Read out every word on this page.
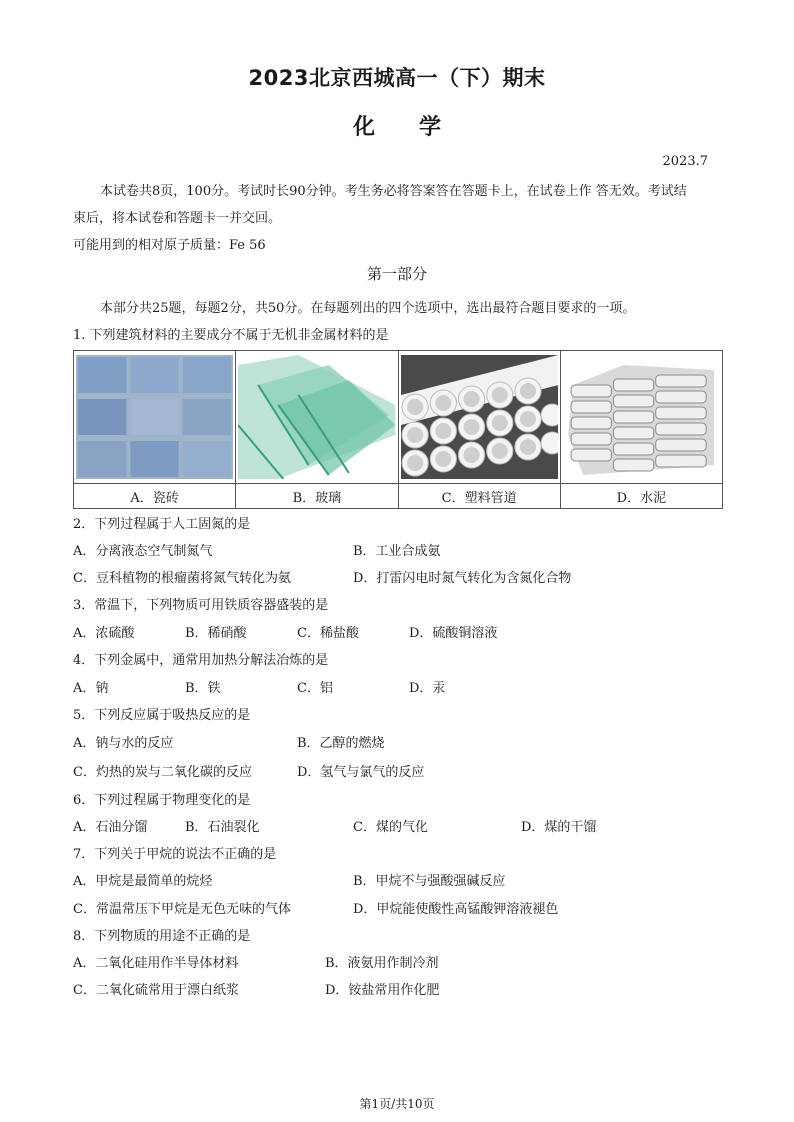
2023北京西城高一（下）期末
化　　学
2023.7
本试卷共8页，100分。考试时长90分钟。考生务必将答案答在答题卡上，在试卷上作 答无效。考试结
束后，将本试卷和答题卡一并交回。
可能用到的相对原子质量：Fe 56
第一部分
本部分共25题，每题2分，共50分。在每题列出的四个选项中，选出最符合题目要求的一项。
1. 下列建筑材料的主要成分不属于无机非金属材料的是

A．瓷砖	B．玻璃	C．塑料管道	D．水泥
2．下列过程属于人工固氮的是
A．分离液态空气制氮气	B．工业合成氨
C．豆科植物的根瘤菌将氮气转化为氨	D．打雷闪电时氮气转化为含氮化合物
3．常温下，下列物质可用铁质容器盛装的是
A．浓硫酸	B．稀硝酸	C．稀盐酸	D．硫酸铜溶液
4．下列金属中，通常用加热分解法冶炼的是
A．钠	B．铁	C．铝	D．汞
5．下列反应属于吸热反应的是
A．钠与水的反应	B．乙醇的燃烧
C．灼热的炭与二氧化碳的反应	D．氢气与氯气的反应
6．下列过程属于物理变化的是
A．石油分馏	B．石油裂化	C．煤的气化	D．煤的干馏
7．下列关于甲烷的说法不正确的是
A．甲烷是最简单的烷烃	B．甲烷不与强酸强碱反应
C．常温常压下甲烷是无色无味的气体	D．甲烷能使酸性高锰酸钾溶液褪色
8．下列物质的用途不正确的是
A．二氧化硅用作半导体材料	B．液氨用作制冷剂
C．二氧化硫常用于漂白纸浆	D．铵盐常用作化肥
第1页/共10页
